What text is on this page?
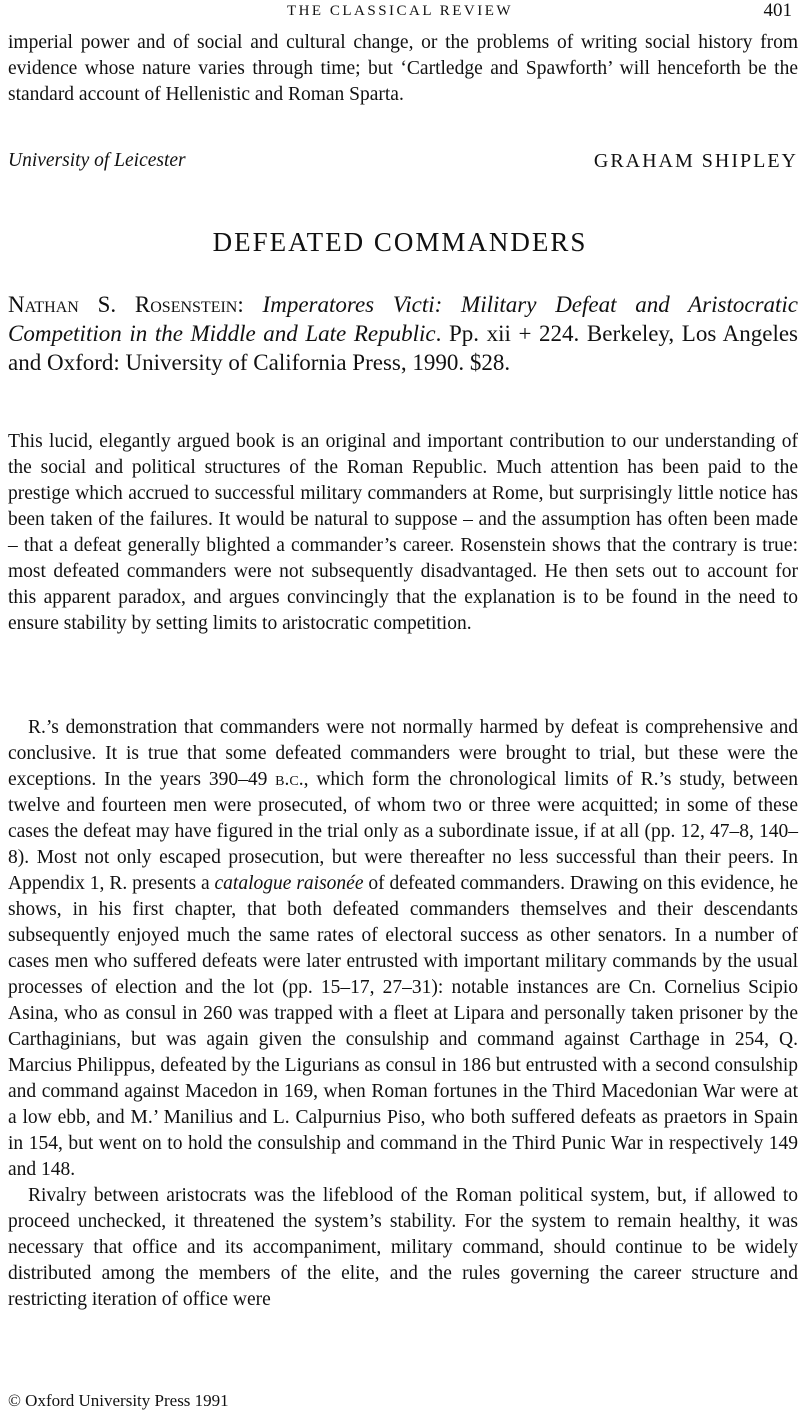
THE CLASSICAL REVIEW	401
imperial power and of social and cultural change, or the problems of writing social history from evidence whose nature varies through time; but ‘Cartledge and Spawforth’ will henceforth be the standard account of Hellenistic and Roman Sparta.
University of Leicester	GRAHAM SHIPLEY
DEFEATED COMMANDERS
Nathan S. Rosenstein: Imperatores Victi: Military Defeat and Aristocratic Competition in the Middle and Late Republic. Pp. xii + 224. Berkeley, Los Angeles and Oxford: University of California Press, 1990. $28.
This lucid, elegantly argued book is an original and important contribution to our understanding of the social and political structures of the Roman Republic. Much attention has been paid to the prestige which accrued to successful military commanders at Rome, but surprisingly little notice has been taken of the failures. It would be natural to suppose – and the assumption has often been made – that a defeat generally blighted a commander’s career. Rosenstein shows that the contrary is true: most defeated commanders were not subsequently disadvantaged. He then sets out to account for this apparent paradox, and argues convincingly that the explanation is to be found in the need to ensure stability by setting limits to aristocratic competition.
R.’s demonstration that commanders were not normally harmed by defeat is comprehensive and conclusive. It is true that some defeated commanders were brought to trial, but these were the exceptions. In the years 390–49 b.c., which form the chronological limits of R.’s study, between twelve and fourteen men were prosecuted, of whom two or three were acquitted; in some of these cases the defeat may have figured in the trial only as a subordinate issue, if at all (pp. 12, 47–8, 140–8). Most not only escaped prosecution, but were thereafter no less successful than their peers. In Appendix 1, R. presents a catalogue raisonée of defeated commanders. Drawing on this evidence, he shows, in his first chapter, that both defeated commanders themselves and their descendants subsequently enjoyed much the same rates of electoral success as other senators. In a number of cases men who suffered defeats were later entrusted with important military commands by the usual processes of election and the lot (pp. 15–17, 27–31): notable instances are Cn. Cornelius Scipio Asina, who as consul in 260 was trapped with a fleet at Lipara and personally taken prisoner by the Carthaginians, but was again given the consulship and command against Carthage in 254, Q. Marcius Philippus, defeated by the Ligurians as consul in 186 but entrusted with a second consulship and command against Macedon in 169, when Roman fortunes in the Third Macedonian War were at a low ebb, and M.’ Manilius and L. Calpurnius Piso, who both suffered defeats as praetors in Spain in 154, but went on to hold the consulship and command in the Third Punic War in respectively 149 and 148.
Rivalry between aristocrats was the lifeblood of the Roman political system, but, if allowed to proceed unchecked, it threatened the system’s stability. For the system to remain healthy, it was necessary that office and its accompaniment, military command, should continue to be widely distributed among the members of the elite, and the rules governing the career structure and restricting iteration of office were
© Oxford University Press 1991
